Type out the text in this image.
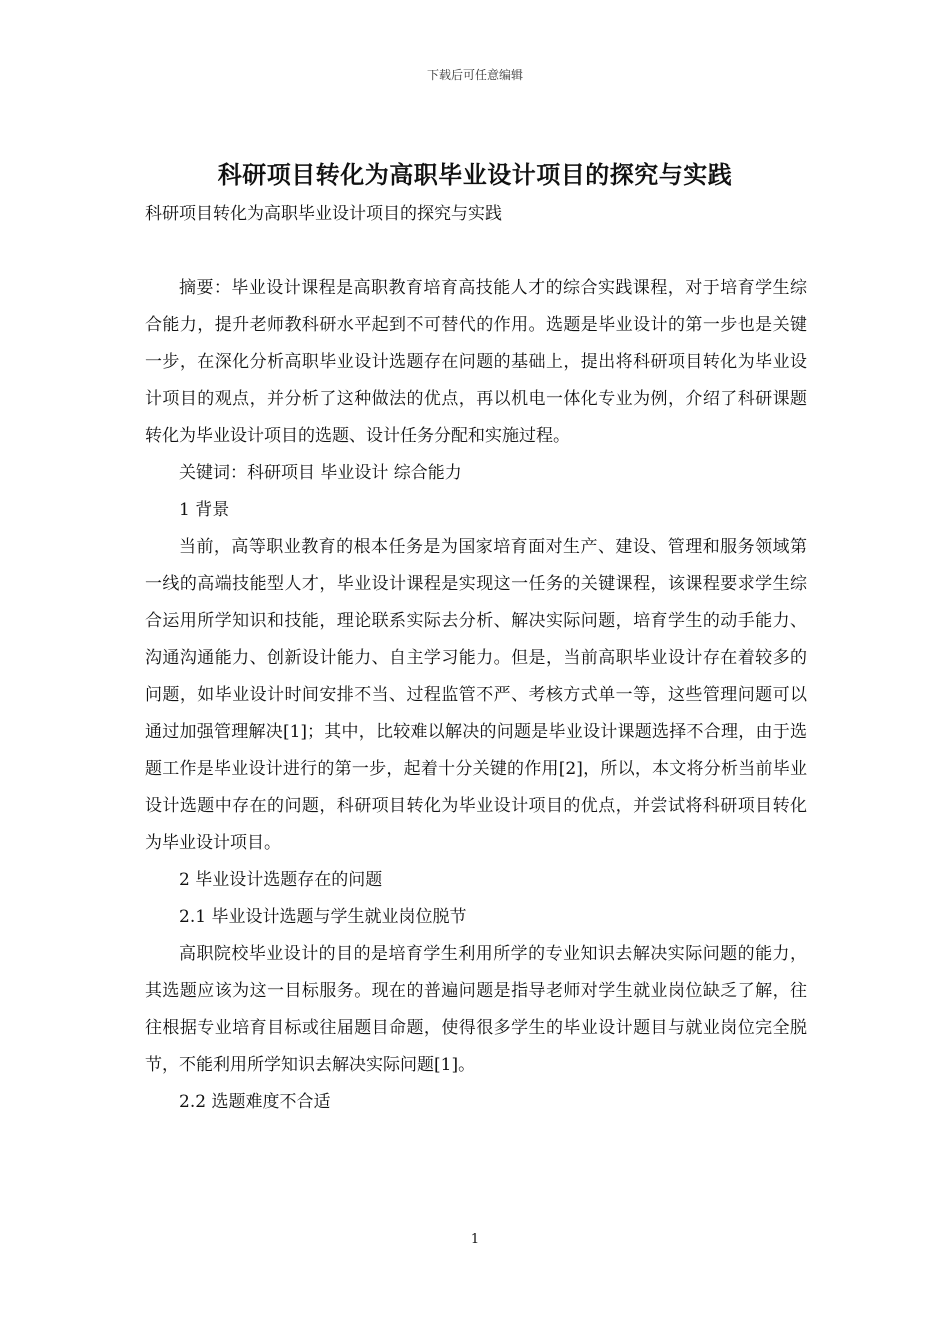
下载后可任意编辑
科研项目转化为高职毕业设计项目的探究与实践
科研项目转化为高职毕业设计项目的探究与实践

摘要：毕业设计课程是高职教育培育高技能人才的综合实践课程，对于培育学生综合能力，提升老师教科研水平起到不可替代的作用。选题是毕业设计的第一步也是关键一步，在深化分析高职毕业设计选题存在问题的基础上，提出将科研项目转化为毕业设计项目的观点，并分析了这种做法的优点，再以机电一体化专业为例，介绍了科研课题转化为毕业设计项目的选题、设计任务分配和实施过程。

关键词：科研项目 毕业设计 综合能力

1 背景

当前，高等职业教育的根本任务是为国家培育面对生产、建设、管理和服务领域第一线的高端技能型人才，毕业设计课程是实现这一任务的关键课程，该课程要求学生综合运用所学知识和技能，理论联系实际去分析、解决实际问题，培育学生的动手能力、沟通沟通能力、创新设计能力、自主学习能力。但是，当前高职毕业设计存在着较多的问题，如毕业设计时间安排不当、过程监管不严、考核方式单一等，这些管理问题可以通过加强管理解决[1]；其中，比较难以解决的问题是毕业设计课题选择不合理，由于选题工作是毕业设计进行的第一步，起着十分关键的作用[2]，所以，本文将分析当前毕业设计选题中存在的问题，科研项目转化为毕业设计项目的优点，并尝试将科研项目转化为毕业设计项目。

2 毕业设计选题存在的问题

2.1 毕业设计选题与学生就业岗位脱节

高职院校毕业设计的目的是培育学生利用所学的专业知识去解决实际问题的能力，其选题应该为这一目标服务。现在的普遍问题是指导老师对学生就业岗位缺乏了解，往往根据专业培育目标或往届题目命题，使得很多学生的毕业设计题目与就业岗位完全脱节，不能利用所学知识去解决实际问题[1]。

2.2 选题难度不合适

1
